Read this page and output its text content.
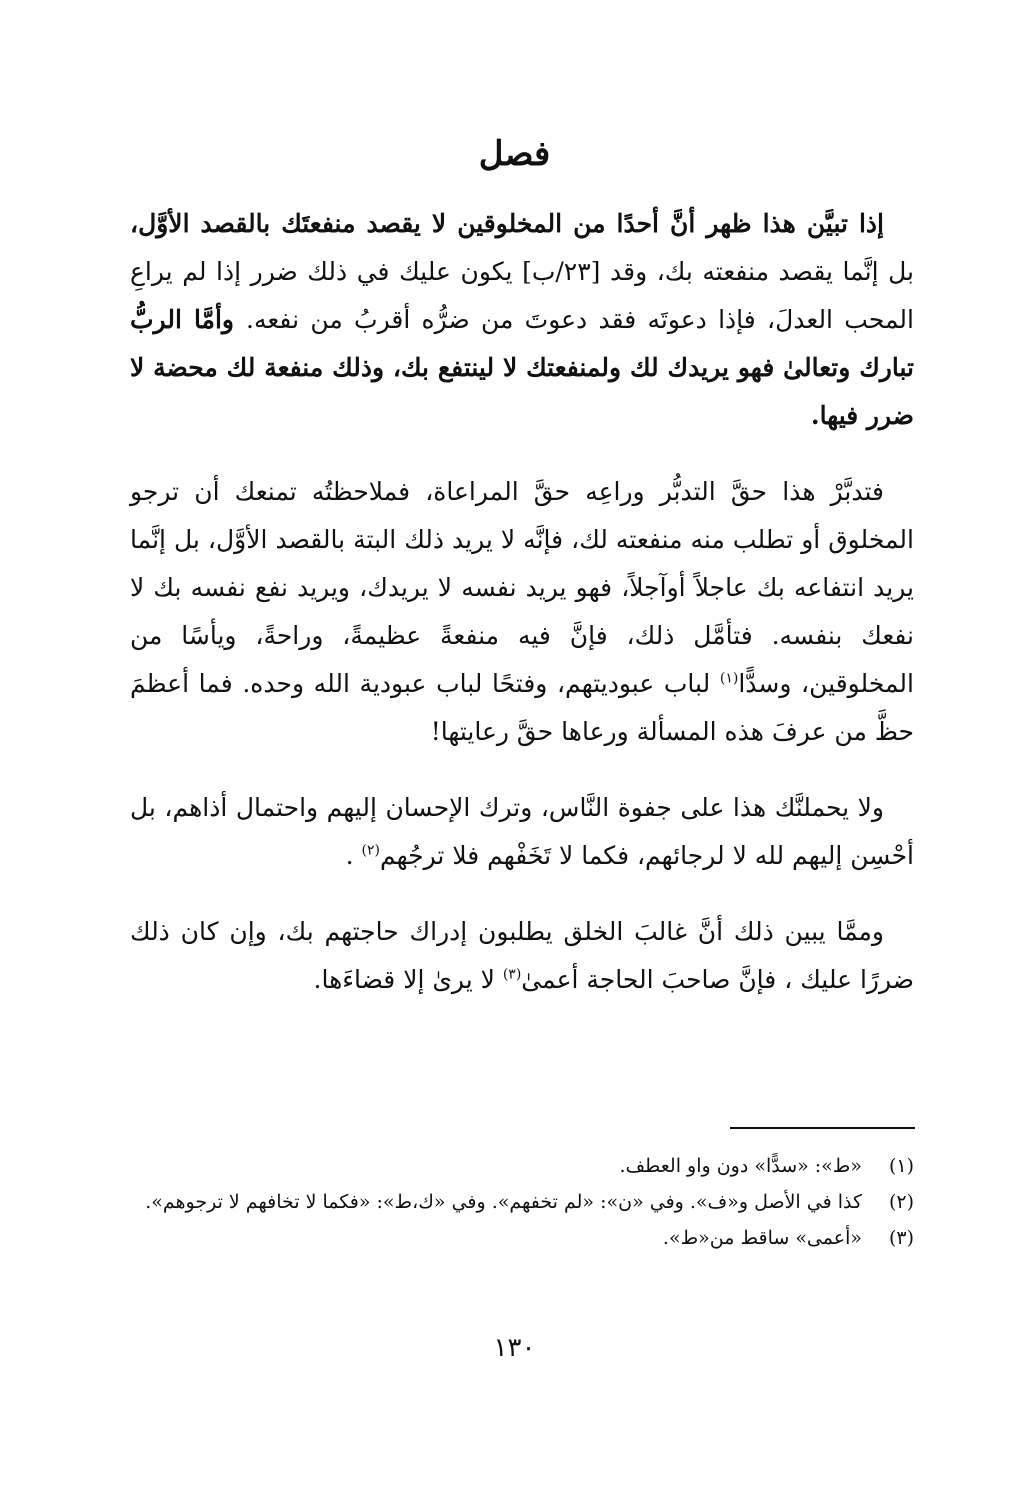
فصل

إذا تبيَّن هذا ظهر أنَّ أحدًا من المخلوقين لا يقصد منفعتَك بالقصد الأوَّل، بل إنَّما يقصد منفعته بك، وقد [٢٣/ب] يكون عليك في ذلك ضرر إذا لم يراعِ المحب العدلَ، فإذا دعوتَه فقد دعوتَ من ضرُّه أقربُ من نفعه. وأمَّا الربُّ تبارك وتعالىٰ فهو يريدك لك ولمنفعتك لا لينتفع بك، وذلك منفعة لك محضة لا ضرر فيها.

فتدبَّرْ هذا حقَّ التدبُّر وراعِه حقَّ المراعاة، فملاحظتُه تمنعك أن ترجو المخلوق أو تطلب منه منفعته لك، فإنَّه لا يريد ذلك البتة بالقصد الأوَّل، بل إنَّما يريد انتفاعه بك عاجلاً أوآجلاً، فهو يريد نفسه لا يريدك، ويريد نفع نفسه بك لا نفعك بنفسه. فتأمَّل ذلك، فإنَّ فيه منفعةً عظيمةً، وراحةً، ويأسًا من المخلوقين، وسدًّا$^{(١)}$ لباب عبوديتهم، وفتحًا لباب عبودية الله وحده. فما أعظمَ حظَّ من عرفَ هذه المسألة ورعاها حقَّ رعايتها!

ولا يحملنَّك هذا على جفوة النَّاس، وترك الإحسان إليهم واحتمال أذاهم، بل أحْسِن إليهم لله لا لرجائهم، فكما لا تَخَفْهم فلا ترجُهم$^{(٢)}$ .

وممَّا يبين ذلك أنَّ غالبَ الخلق يطلبون إدراك حاجتهم بك، وإن كان ذلك ضررًا عليك ، فإنَّ صاحبَ الحاجة أعمىٰ$^{(٣)}$ لا يرىٰ إلا قضاءَها.

(١)
«ط»: «سدًّا» دون واو العطف.
(٢)
كذا في الأصل و«ف». وفي «ن»: «لم تخفهم». وفي «ك،ط»: «فكما لا تخافهم لا ترجوهم».
(٣)
«أعمى» ساقط من«ط».
١٣٠
